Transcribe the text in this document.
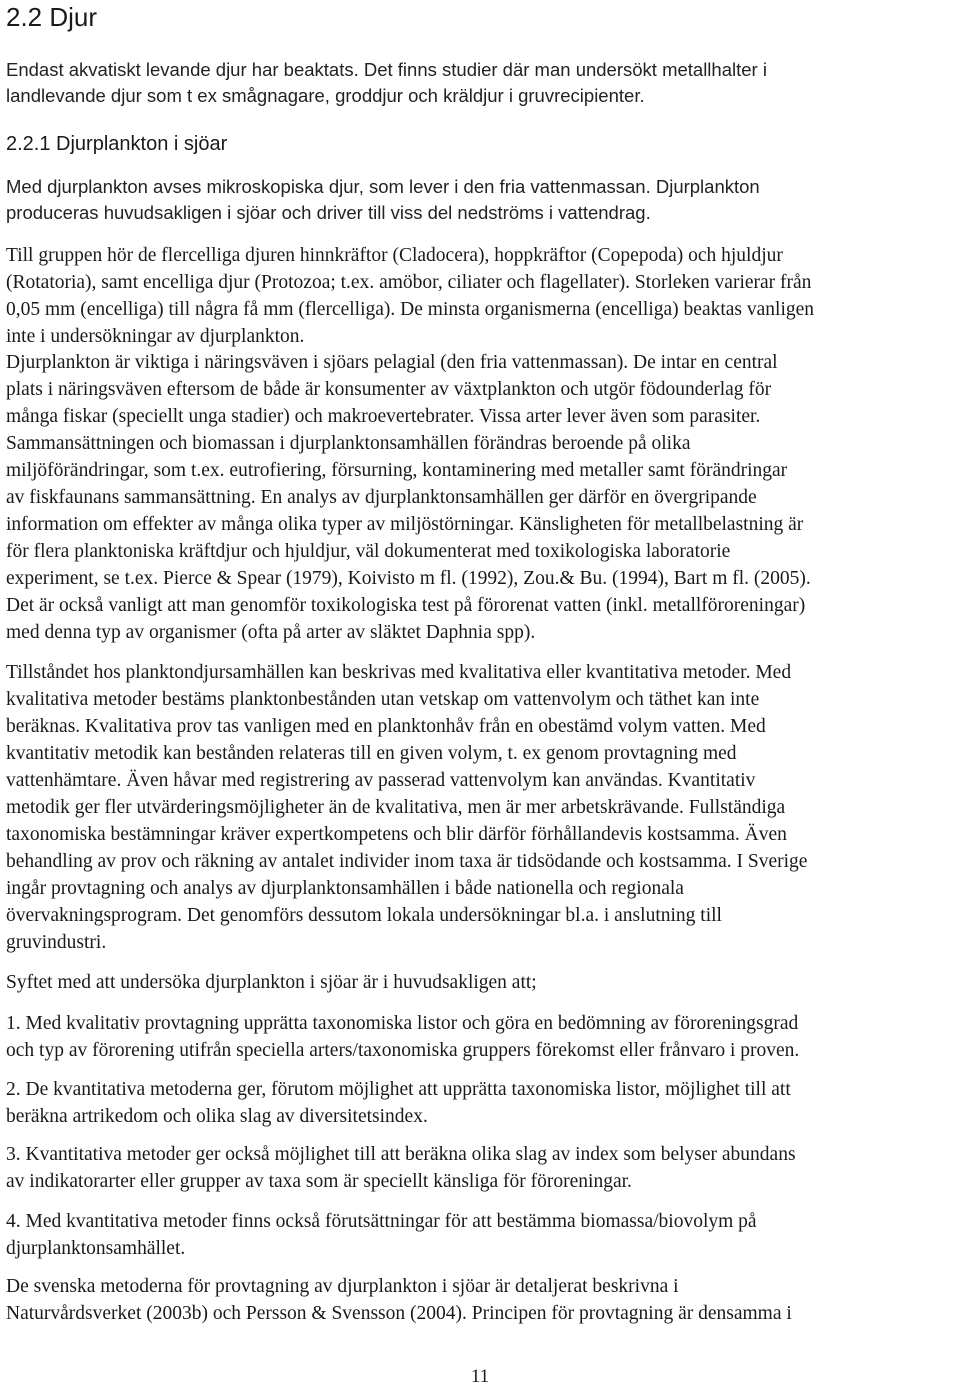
2.2 Djur

Endast akvatiskt levande djur har beaktats. Det finns studier där man undersökt metallhalter i
landlevande djur som t ex smågnagare, groddjur och kräldjur i gruvrecipienter.

2.2.1 Djurplankton i sjöar

Med djurplankton avses mikroskopiska djur, som lever i den fria vattenmassan. Djurplankton
produceras huvudsakligen i sjöar och driver till viss del nedströms i vattendrag.

Till gruppen hör de flercelliga djuren hinnkräftor (Cladocera), hoppkräftor (Copepoda) och hjuldjur
(Rotatoria), samt encelliga djur (Protozoa; t.ex. amöbor, ciliater och flagellater). Storleken varierar från
0,05 mm (encelliga) till några få mm (flercelliga). De minsta organismerna (encelliga) beaktas vanligen
inte i undersökningar av djurplankton.

Djurplankton är viktiga i näringsväven i sjöars pelagial (den fria vattenmassan). De intar en central
plats i näringsväven eftersom de både är konsumenter av växtplankton och utgör födounderlag för
många fiskar (speciellt unga stadier) och makroevertebrater. Vissa arter lever även som parasiter.
Sammansättningen och biomassan i djurplanktonsamhällen förändras beroende på olika
miljöförändringar, som t.ex. eutrofiering, försurning, kontaminering med metaller samt förändringar
av fiskfaunans sammansättning. En analys av djurplanktonsamhällen ger därför en övergripande
information om effekter av många olika typer av miljöstörningar. Känsligheten för metallbelastning är
för flera planktoniska kräftdjur och hjuldjur, väl dokumenterat med toxikologiska laboratorie
experiment, se t.ex. Pierce & Spear (1979), Koivisto m fl. (1992), Zou.& Bu. (1994), Bart m fl. (2005).
Det är också vanligt att man genomför toxikologiska test på förorenat vatten (inkl. metallföroreningar)
med denna typ av organismer (ofta på arter av släktet Daphnia spp).

Tillståndet hos planktondjursamhällen kan beskrivas med kvalitativa eller kvantitativa metoder. Med
kvalitativa metoder bestäms planktonbestånden utan vetskap om vattenvolym och täthet kan inte
beräknas. Kvalitativa prov tas vanligen med en planktonhåv från en obestämd volym vatten. Med
kvantitativ metodik kan bestånden relateras till en given volym, t. ex genom provtagning med
vattenhämtare. Även håvar med registrering av passerad vattenvolym kan användas. Kvantitativ
metodik ger fler utvärderingsmöjligheter än de kvalitativa, men är mer arbetskrävande. Fullständiga
taxonomiska bestämningar kräver expertkompetens och blir därför förhållandevis kostsamma. Även
behandling av prov och räkning av antalet individer inom taxa är tidsödande och kostsamma. I Sverige
ingår provtagning och analys av djurplanktonsamhällen i både nationella och regionala
övervakningsprogram. Det genomförs dessutom lokala undersökningar bl.a. i anslutning till
gruvindustri.

Syftet med att undersöka djurplankton i sjöar är i huvudsakligen att;

1. Med kvalitativ provtagning upprätta taxonomiska listor och göra en bedömning av föroreningsgrad
och typ av förorening utifrån speciella arters/taxonomiska gruppers förekomst eller frånvaro i proven.

2. De kvantitativa metoderna ger, förutom möjlighet att upprätta taxonomiska listor, möjlighet till att
beräkna artrikedom och olika slag av diversitetsindex.

3. Kvantitativa metoder ger också möjlighet till att beräkna olika slag av index som belyser abundans
av indikatorarter eller grupper av taxa som är speciellt känsliga för föroreningar.

4. Med kvantitativa metoder finns också förutsättningar för att bestämma biomassa/biovolym på
djurplanktonsamhället.

De svenska metoderna för provtagning av djurplankton i sjöar är detaljerat beskrivna i
Naturvårdsverket (2003b) och Persson & Svensson (2004). Principen för provtagning är densamma i

11
